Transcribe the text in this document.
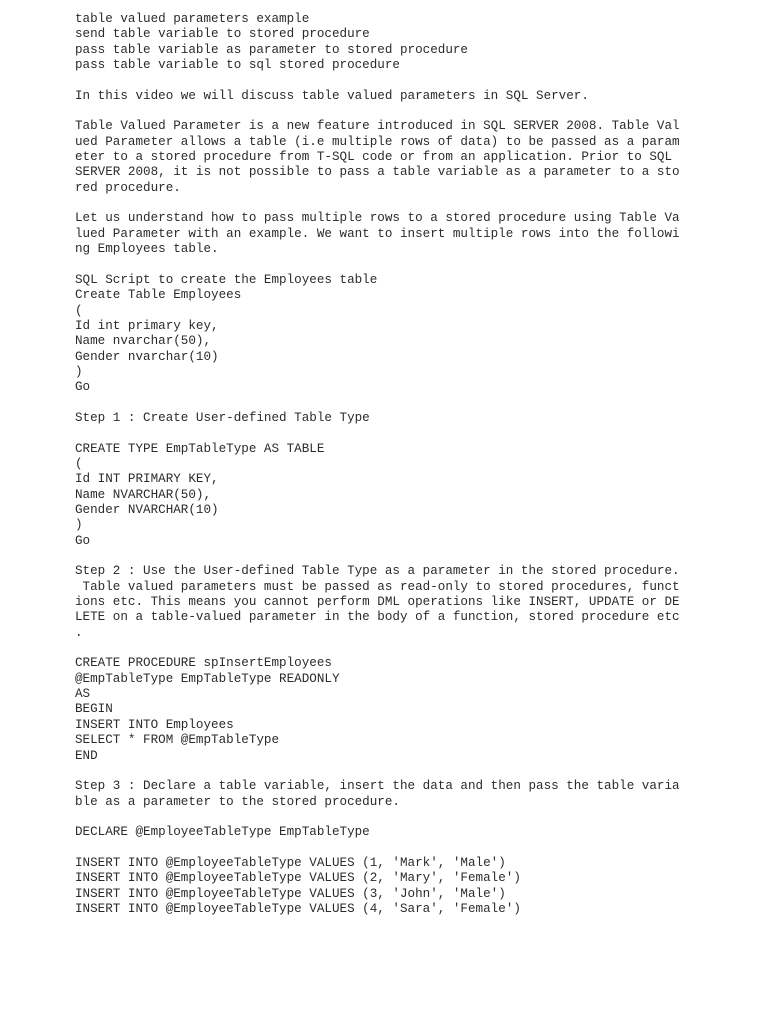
table valued parameters example
send table variable to stored procedure
pass table variable as parameter to stored procedure
pass table variable to sql stored procedure
In this video we will discuss table valued parameters in SQL Server.
Table Valued Parameter is a new feature introduced in SQL SERVER 2008. Table Val
ued Parameter allows a table (i.e multiple rows of data) to be passed as a param
eter to a stored procedure from T-SQL code or from an application. Prior to SQL
SERVER 2008, it is not possible to pass a table variable as a parameter to a sto
red procedure.
Let us understand how to pass multiple rows to a stored procedure using Table Va
lued Parameter with an example. We want to insert multiple rows into the followi
ng Employees table.
SQL Script to create the Employees table
Create Table Employees
(
Id int primary key,
Name nvarchar(50),
Gender nvarchar(10)
)
Go
Step 1 : Create User-defined Table Type
CREATE TYPE EmpTableType AS TABLE
(
Id INT PRIMARY KEY,
Name NVARCHAR(50),
Gender NVARCHAR(10)
)
Go
Step 2 : Use the User-defined Table Type as a parameter in the stored procedure.
Table valued parameters must be passed as read-only to stored procedures, funct
ions etc. This means you cannot perform DML operations like INSERT, UPDATE or DE
LETE on a table-valued parameter in the body of a function, stored procedure etc
.
CREATE PROCEDURE spInsertEmployees
@EmpTableType EmpTableType READONLY
AS
BEGIN
INSERT INTO Employees
SELECT * FROM @EmpTableType
END
Step 3 : Declare a table variable, insert the data and then pass the table varia
ble as a parameter to the stored procedure.
DECLARE @EmployeeTableType EmpTableType
INSERT INTO @EmployeeTableType VALUES (1, 'Mark', 'Male')
INSERT INTO @EmployeeTableType VALUES (2, 'Mary', 'Female')
INSERT INTO @EmployeeTableType VALUES (3, 'John', 'Male')
INSERT INTO @EmployeeTableType VALUES (4, 'Sara', 'Female')
